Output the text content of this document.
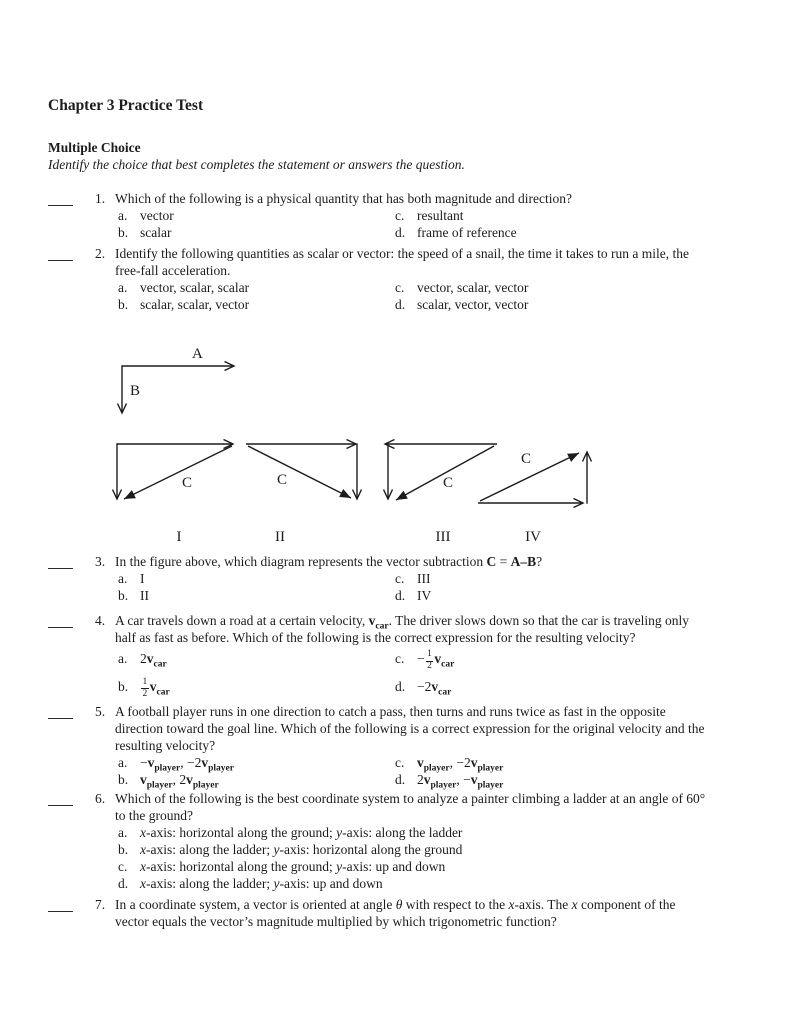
Chapter 3 Practice Test
Multiple Choice
Identify the choice that best completes the statement or answers the question.
1. Which of the following is a physical quantity that has both magnitude and direction?
a. vector	c. resultant
b. scalar	d. frame of reference
2. Identify the following quantities as scalar or vector: the speed of a snail, the time it takes to run a mile, the
free-fall acceleration.
a. vector, scalar, scalar	c. vector, scalar, vector
b. scalar, scalar, vector	d. scalar, vector, vector
A
B
C	C	C
C
I	II	III	IV
3. In the figure above, which diagram represents the vector subtraction C = A–B?
a. I	c. III
b. II	d. IV
4. A car travels down a road at a certain velocity, $v_{car}$. The driver slows down so that the car is traveling only
half as fast as before. Which of the following is the correct expression for the resulting velocity?
a. $2v_{car}$	c. − $\frac{1}{2} v_{car}$
b. $\frac{1}{2} v_{car}$	d. $-2v_{car}$
5. A football player runs in one direction to catch a pass, then turns and runs twice as fast in the opposite
direction toward the goal line. Which of the following is a correct expression for the original velocity and the
resulting velocity?
a. $-v_{player}$, $-2v_{player}$	c. $v_{player}$, $-2v_{player}$
b. $v_{player}$, $2v_{player}$	d. $2v_{player}$, $-v_{player}$
6. Which of the following is the best coordinate system to analyze a painter climbing a ladder at an angle of 60°
to the ground?
a. x-axis: horizontal along the ground; y-axis: along the ladder
b. x-axis: along the ladder; y-axis: horizontal along the ground
c. x-axis: horizontal along the ground; y-axis: up and down
d. x-axis: along the ladder; y-axis: up and down
7. In a coordinate system, a vector is oriented at angle θ with respect to the x-axis. The x component of the
vector equals the vector’s magnitude multiplied by which trigonometric function?
